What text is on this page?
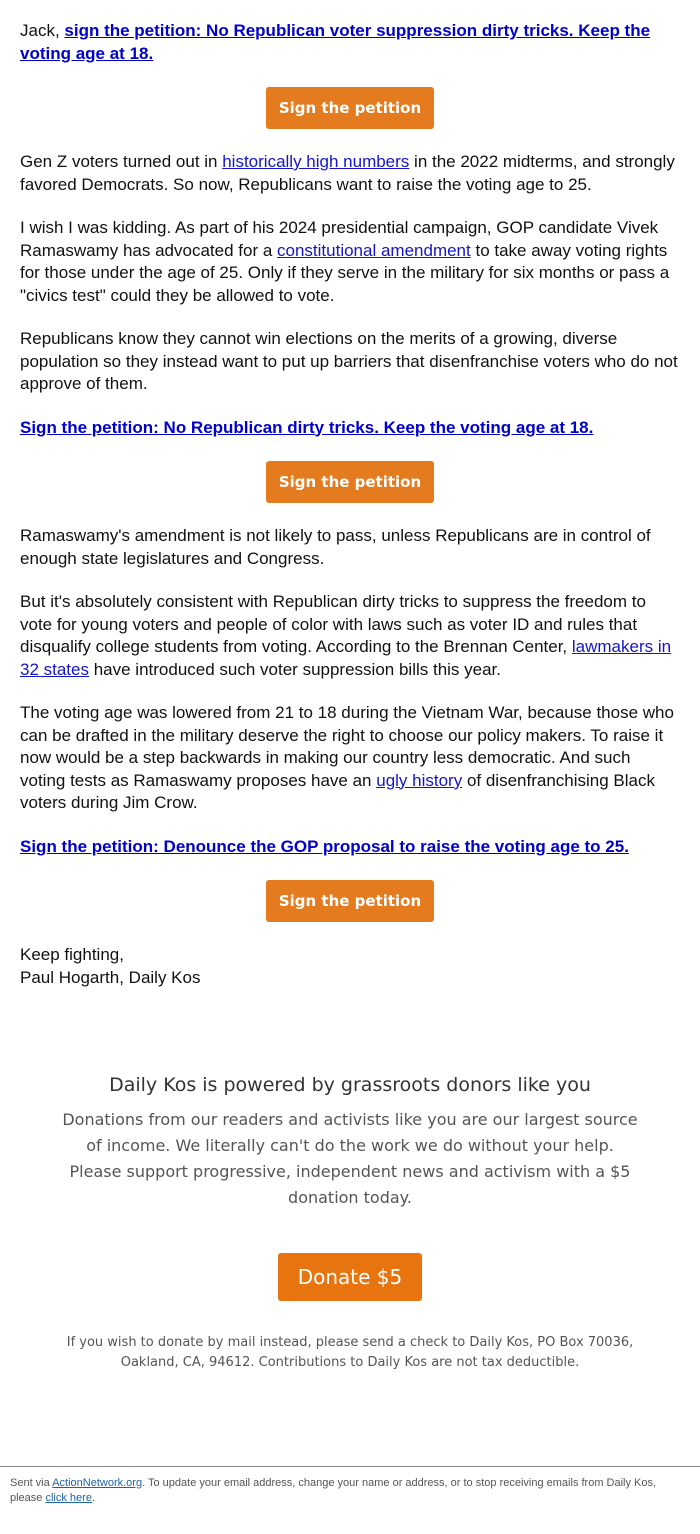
Jack, sign the petition: No Republican voter suppression dirty tricks. Keep the voting age at 18.

Sign the petition

Gen Z voters turned out in historically high numbers in the 2022 midterms, and strongly favored Democrats. So now, Republicans want to raise the voting age to 25.

I wish I was kidding. As part of his 2024 presidential campaign, GOP candidate Vivek Ramaswamy has advocated for a constitutional amendment to take away voting rights for those under the age of 25. Only if they serve in the military for six months or pass a "civics test" could they be allowed to vote.

Republicans know they cannot win elections on the merits of a growing, diverse population so they instead want to put up barriers that disenfranchise voters who do not approve of them.

Sign the petition: No Republican dirty tricks. Keep the voting age at 18.

Sign the petition

Ramaswamy's amendment is not likely to pass, unless Republicans are in control of enough state legislatures and Congress.

But it's absolutely consistent with Republican dirty tricks to suppress the freedom to vote for young voters and people of color with laws such as voter ID and rules that disqualify college students from voting. According to the Brennan Center, lawmakers in 32 states have introduced such voter suppression bills this year.

The voting age was lowered from 21 to 18 during the Vietnam War, because those who can be drafted in the military deserve the right to choose our policy makers. To raise it now would be a step backwards in making our country less democratic. And such voting tests as Ramaswamy proposes have an ugly history of disenfranchising Black voters during Jim Crow.

Sign the petition: Denounce the GOP proposal to raise the voting age to 25.

Sign the petition

Keep fighting,
Paul Hogarth, Daily Kos

Daily Kos is powered by grassroots donors like you
Donations from our readers and activists like you are our largest source of income. We literally can't do the work we do without your help. Please support progressive, independent news and activism with a $5 donation today.
Donate $5
If you wish to donate by mail instead, please send a check to Daily Kos, PO Box 70036, Oakland, CA, 94612. Contributions to Daily Kos are not tax deductible.
Sent via ActionNetwork.org. To update your email address, change your name or address, or to stop receiving emails from Daily Kos, please click here.
